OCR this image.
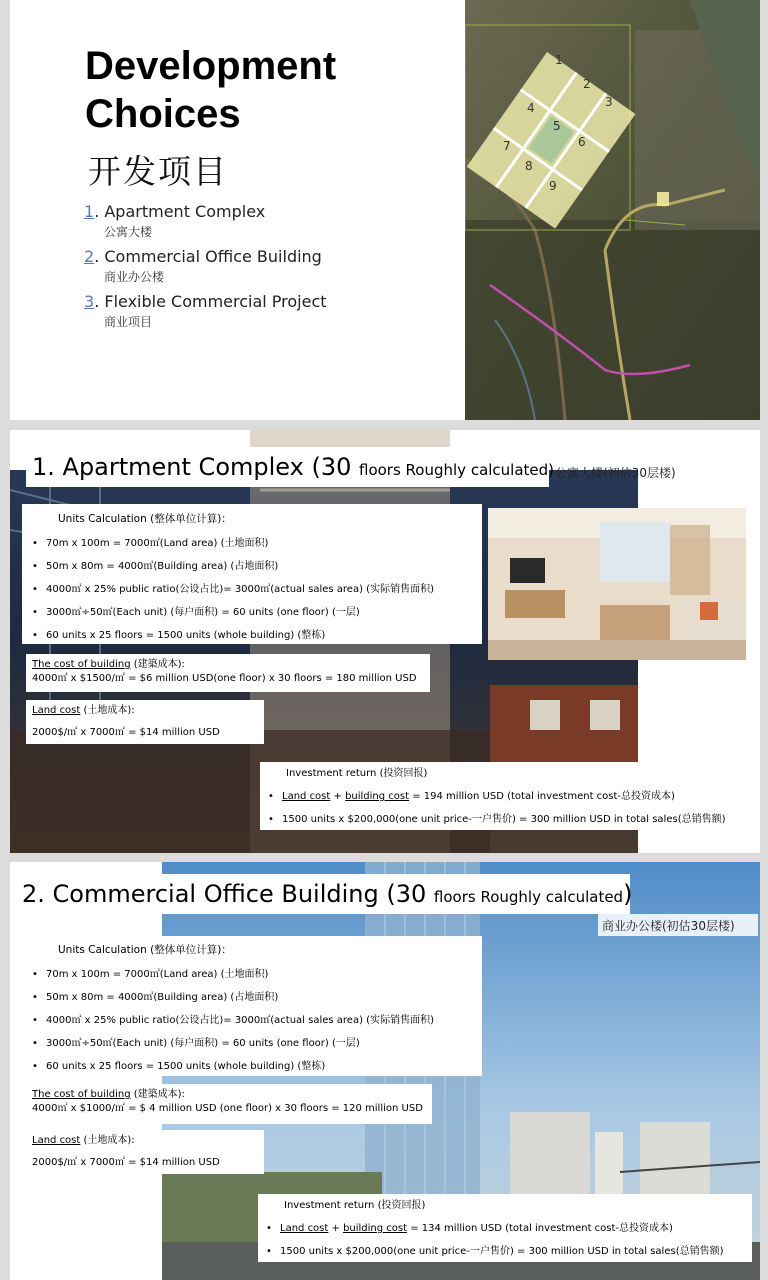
Development
Choices
开发项目
1. Apartment Complex
公寓大楼
2. Commercial Office Building
商业办公楼
3. Flexible Commercial Project
商业项目
1
2
3
4
5
6
7
8
9
1. Apartment Complex (30 floors Roughly calculated) 公寓大楼(初估30层楼)
Units Calculation (整体单位计算)：
• 70m x 100m = 7000㎡(Land area) (土地面积)
• 50m x 80m = 4000㎡(Building area) (占地面积)
• 4000㎡ x 25% public ratio(公设占比)= 3000㎡(actual sales area) (实际销售面积)
• 3000㎡÷50㎡(Each unit) (每户面积) = 60 units (one floor) (一层)
• 60 units x 25 floors = 1500 units (whole building) (整栋)
The cost of building (建築成本):
4000㎡ x $1500/㎡ = $6 million USD(one floor) x 30 floors = 180 million USD
Land cost (土地成本):
2000$/㎡ x 7000㎡ = $14 million USD
Investment return (投资回报)
• Land cost + building cost = 194 million USD (total investment cost-总投资成本)
• 1500 units x $200,000(one unit price-一户售价) = 300 million USD in total sales(总销售额)
2. Commercial Office Building (30 floors Roughly calculated)
商业办公楼(初估30层楼)
Units Calculation (整体单位计算)：
• 70m x 100m = 7000㎡(Land area) (土地面积)
• 50m x 80m = 4000㎡(Building area) (占地面积)
• 4000㎡ x 25% public ratio(公设占比)= 3000㎡(actual sales area) (实际销售面积)
• 3000㎡÷50㎡(Each unit) (每户面积) = 60 units (one floor) (一层)
• 60 units x 25 floors = 1500 units (whole building) (整栋)
The cost of building (建築成本):
4000㎡ x $1000/㎡ = $ 4 million USD (one floor) x 30 floors = 120 million USD
Land cost (土地成本):
2000$/㎡ x 7000㎡ = $14 million USD
Investment return (投资回报)
• Land cost + building cost = 134 million USD (total investment cost-总投资成本)
• 1500 units x $200,000(one unit price-一户售价) = 300 million USD in total sales(总销售额)
